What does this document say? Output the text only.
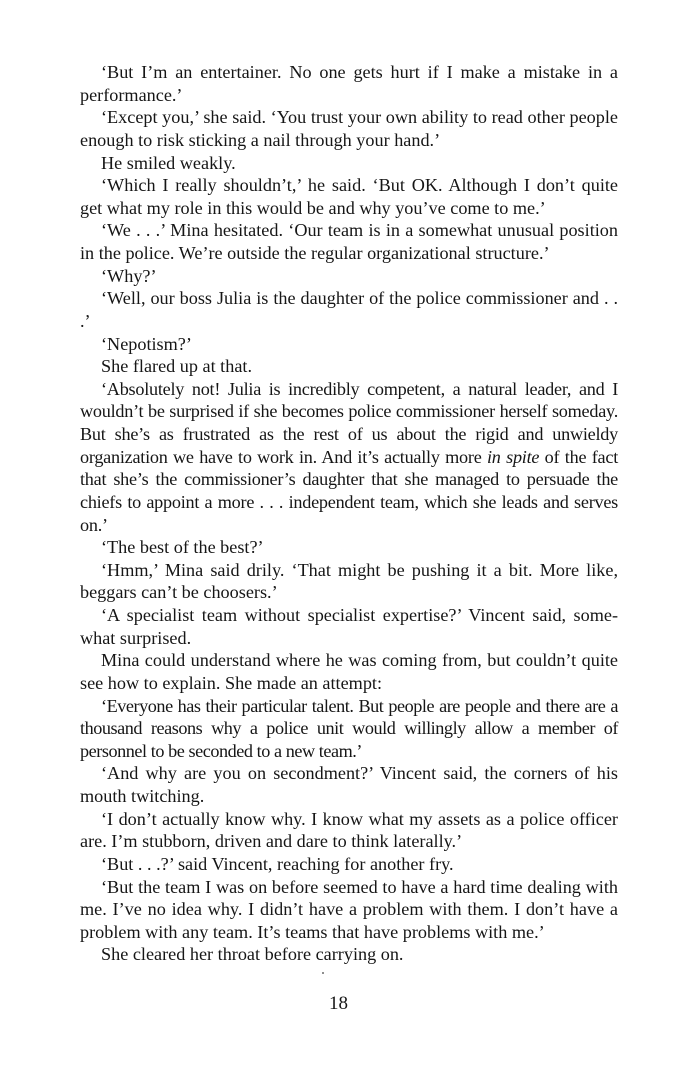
‘But I’m an entertainer. No one gets hurt if I make a mistake in a performance.’

‘Except you,’ she said. ‘You trust your own ability to read other people enough to risk sticking a nail through your hand.’

He smiled weakly.

‘Which I really shouldn’t,’ he said. ‘But OK. Although I don’t quite get what my role in this would be and why you’ve come to me.’

‘We . . .’ Mina hesitated. ‘Our team is in a somewhat unusual position in the police. We’re outside the regular organizational structure.’

‘Why?’

‘Well, our boss Julia is the daughter of the police commissioner and . . .’

‘Nepotism?’

She flared up at that.

‘Absolutely not! Julia is incredibly competent, a natural leader, and I wouldn’t be surprised if she becomes police commissioner herself someday. But she’s as frustrated as the rest of us about the rigid and unwieldy organization we have to work in. And it’s actually more in spite of the fact that she’s the commissioner’s daughter that she managed to persuade the chiefs to appoint a more . . . independent team, which she leads and serves on.’

‘The best of the best?’

‘Hmm,’ Mina said drily. ‘That might be pushing it a bit. More like, beggars can’t be choosers.’

‘A specialist team without specialist expertise?’ Vincent said, somewhat surprised.

Mina could understand where he was coming from, but couldn’t quite see how to explain. She made an attempt:

‘Everyone has their particular talent. But people are people and there are a thousand reasons why a police unit would willingly allow a member of personnel to be seconded to a new team.’

‘And why are you on secondment?’ Vincent said, the corners of his mouth twitching.

‘I don’t actually know why. I know what my assets as a police officer are. I’m stubborn, driven and dare to think laterally.’

‘But . . .?’ said Vincent, reaching for another fry.

‘But the team I was on before seemed to have a hard time dealing with me. I’ve no idea why. I didn’t have a problem with them. I don’t have a problem with any team. It’s teams that have problems with me.’

She cleared her throat before carrying on.

18
